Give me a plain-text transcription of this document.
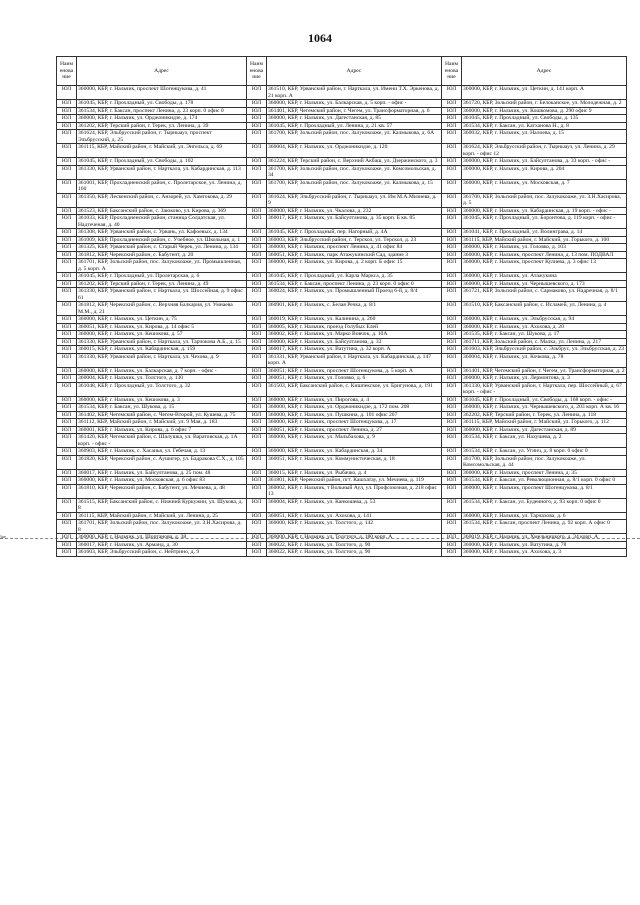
1064
✂
Наим енова ние	Адрес	Наим енова ние	Адрес	Наим енова ние	Адрес
ЮЛ	360000, КБР, г. Нальчик, проспект Шогенцукова, д. 41	ЮЛ	361510, КБР, Урванский район, г. Нарткала, ул. Имени Т.Х. Эркенова, д. 21 корп. А	ЮЛ	360000, КБР, г. Нальчик, ул. Цеткин, д. 141 корп. А
ЮЛ	361045, КБР, г. Прохладный, ул. Свободы, д. 178	ЮЛ	360000, КБР, г. Нальчик, ул. Балкарская, д. 5 корп. - офис -	ЮЛ	361720, КБР, Зольский район, г. Белоканское, ул. Молодежная, д. 2
ЮЛ	361534, КБР, г. Баксан, проспект Ленина, д. 23 корп. 0 офис 0	ЮЛ	361401, КБР, Чегемский район, г. Чегем, ул. Трансформаторная, д. 6	ЮЛ	360000, КБР, г. Нальчик, ул. Кошкомова, д. 290 офис 9
ЮЛ	360000, КБР, г. Нальчик, ул. Орджоникидзе, д. 174	ЮЛ	360000, КБР, г. Нальчик, ул. Дагестанская, д. 85	ЮЛ	361045, КБР, г. Прохладный, ул. Свободы, д. 135
ЮЛ	361202, КБР, Терский район, г. Терек, ул. Ленина, д. 39	ЮЛ	361045, КБР, г. Прохладный, ул. Ленина, д. 21 кв. 57	ЮЛ	361534, КБР, г. Баксан, ул. Катханова Н., д. 8
ЮЛ	361624, КБР, Эльбрусский район, г. Тырныауз, проспект Эльбрусский, д. 25	ЮЛ	361700, КБР, Зольский район, пос. Залукокоаже, ул. Калмыкова, д. 6А	ЮЛ	360032, КБР, г. Нальчик, ул. Налоева, д. 15
ЮЛ	361115, КБР, Майский район, г. Майский, ул. Энгельса, д. 69	ЮЛ	360004, КБР, г. Нальчик, ул. Орджоникидзе, д. 120	ЮЛ	361624, КБР, Эльбрусский район, г. Тырныауз, ул. Ленина, д. 29 корп. - офис 12
ЮЛ	361045, КБР, г. Прохладный, ул. Свободы, д. 102	ЮЛ	361224, КБР, Терский район, с. Верхний Акбаш, ул. Дзержинского, д. 3	ЮЛ	360000, КБР, г. Нальчик, ул. Байсултанова, д. 33 корп. - офис -
ЮЛ	361330, КБР, Урванский район, г. Нарткала, ул. Кабардинская, д. 113	ЮЛ	361700, КБР, Зольский район, пос. Залукокоаже, ул. Комсомольская, д. 34	ЮЛ	360000, КБР, г. Нальчик, ул. Кирова, д. 204
ЮЛ	361001, КБР, Прохладненский район, с. Пролетарское, ул. Ленина, д. 160	ЮЛ	361700, КБР, Зольский район, пос. Залукокоаже, ул. Калмыкова, д. 15	ЮЛ	360000, КБР, г. Нальчик, ул. Московская, д. 7
ЮЛ	361350, КБР, Лескенский район, с. Анзорей, ул. Хамгокова, д. 29	ЮЛ	361624, КБР, Эльбрусский район, г. Тырныауз, ул. Им М.А.Мизиева, д. 9	ЮЛ	361700, КБР, Зольский район, пос. Залукокоаже, ул. З.Н.Хасирова, д. 5
ЮЛ	361523, КБР, Баксанский район, с. Заюково, ул. Кирова, д. 369	ЮЛ	360000, КБР, г. Нальчик, ул. Чкалова, д. 232	ЮЛ	360000, КБР, г. Нальчик, ул. Кабардинская, д. 19 корп. - офис -
ЮЛ	361033, КБР, Прохладненский район, станица Солдатская, ул. Надтеченая, д. 40	ЮЛ	360017, КБР, г. Нальчик, ул. Байсултанова, д. 35 корп. Б кв. 85	ЮЛ	361045, КБР, г. Прохладный, ул. Боронтова, д. 119 корп. - офис -
ЮЛ	361308, КБР, Урванский район, с. Урвань, ул. Кафоевых, д. 134	ЮЛ	361045, КБР, г. Прохладный, пер. Нагорный, д. 4А	ЮЛ	361041, КБР, г. Прохладный, ул. Волинграва, д. 14
ЮЛ	361009, КБР, Прохладненский район, с. Учебное, ул. Школьная, д. 1	ЮЛ	360003, КБР, Эльбрусский район, г. Терскол, ул. Терскол, д. 23	ЮЛ	361115, КБР, Майский район, г. Майский, ул. Горького, д. 100
ЮЛ	361325, КБР, Урванский район, с. Старый Черек, ул. Ленина, д. 134	ЮЛ	360000, КБР, г. Нальчик, проспект Ленина, д. 41 офис 84	ЮЛ	360000, КБР, г. Нальчик, ул. Головко, д. 103
ЮЛ	361812, КБР, Черекский район, с. Бабугент, д. 20	ЮЛ	360051, КБР, г. Нальчик, парк Атажукинский Сад, здание 3	ЮЛ	360000, КБР, г. Нальчик, проспект Ленина, д. 13 пом. ПОДВАЛ
ЮЛ	361701, КБР, Зольский район, пос. Залукокоаже, ул. Промышленная, д. 5 корп. А	ЮЛ	360000, КБР, г. Нальчик, ул. Кирова, д. 2 корп. Б офис 15	ЮЛ	360000, КБР, г. Нальчик, проспект Кулиева, д. 3 офис 13
ЮЛ	361045, КБР, г. Прохладный, ул. Пролетарская, д. 6	ЮЛ	361045, КБР, г. Прохладный, ул. Карла Маркса, д. 35	ЮЛ	360000, КБР, г. Нальчик, ул. Атажукина
ЮЛ	361202, КБР, Терский район, г. Терек, ул. Ленина, д. 49	ЮЛ	361534, КБР, г. Баксан, проспект Ленина, д. 23 корп. 0 офис 0	ЮЛ	360000, КБР, г. Нальчик, ул. Чернышевского, д. 173
ЮЛ	361330, КБР, Урванский район, г. Нарткала, ул. Шоссейная, д. 9 офис 61	ЮЛ	360024, КБР, г. Нальчик, ул. Промышленный Проезд 6-й, д. 8/4	ЮЛ	361721, КБР, Зольский район, с. Сармаково, ул. Надречная, д. 8/1
ЮЛ	361812, КБР, Черекский район, с. Верхняя Балкария, ул. Умнаева М.М., д. 21	ЮЛ	360901, КБР, г. Нальчик, с. Белая Речка, д. 8/1	ЮЛ	361510, КБР, Баксанский район, с. Исламей, ул. Ленина, д. 4
ЮЛ	360000, КБР, г. Нальчик, ул. Цеткин, д. 75	ЮЛ	360019, КБР, г. Нальчик, ул. Калинина, д. 260	ЮЛ	360000, КБР, г. Нальчик, ул. Эльбрусская, д. 94
ЮЛ	360051, КБР, г. Нальчик, ул. Кирова, д. 14 офис 5	ЮЛ	360005, КБР, г. Нальчик, проезд Голубых Елей	ЮЛ	360000, КБР, г. Нальчик, ул. Ахохова, д. 20
ЮЛ	360000, КБР, г. Нальчик, ул. Кешокова, д. 57	ЮЛ	360002, КБР, г. Нальчик, ул. Марко Вовчок, д. 10А	ЮЛ	361535, КБР, г. Баксан, ул. Шукова, д. 17
ЮЛ	361330, КБР, Урванский район, г. Нарткала, ул. Тарчокова А.Б., д. 15	ЮЛ	360000, КБР, г. Нальчик, ул. Байсултанова, д. 33	ЮЛ	361711, КБР, Зольский район, с. Малка, ул. Ленина, д. 217
ЮЛ	360015, КБР, г. Нальчик, ул. Кабардинская, д. 159	ЮЛ	360017, КБР, г. Нальчик, ул. Ватутина, д. 32 корп. А	ЮЛ	361603, КБР, Эльбрусский район, с. Эльбрус, ул. Эльбрусская, д. 23
ЮЛ	361330, КБР, Урванский район, г. Нарткала, ул. Чехова, д. 9	ЮЛ	361331, КБР, Урванский район, г. Нарткала, ул. Кабардинская, д. 147 корп. А	ЮЛ	360004, КБР, г. Нальчик, ул. Кочкова, д. 78
ЮЛ	360000, КБР, г. Нальчик, ул. Балкарская, д. 7 корп. - офис -	ЮЛ	360051, КБР, г. Нальчик, проспект Шогенцукова, д. 5 корп. А	ЮЛ	361401, КБР, Чегемский район, г. Чегем, ул. Трансформаторная, д. 2
ЮЛ	360004, КБР, г. Нальчик, ул. Толстого, д. 130	ЮЛ	360051, КБР, г. Нальчик, ул. Головко, д. 6	ЮЛ	360000, КБР, г. Нальчик, ул. Лермонтова, д. 3
ЮЛ	361048, КБР, г. Прохладный, ул. Толстого, д. 32	ЮЛ	361503, КБР, Баксанский район, с. Кишпекское, ул. Бригунова, д. 191	ЮЛ	361330, КБР, Урванский район, г. Нарткала, пер. Шоссейный, д. 67 корп. - офис -
ЮЛ	360000, КБР, г. Нальчик, ул. Кешокова, д. 3	ЮЛ	360000, КБР, г. Нальчик, ул. Пирогова, д. 4	ЮЛ	361045, КБР, г. Прохладный, ул. Свободы, д. 168 корп. - офис -
ЮЛ	361534, КБР, г. Баксан, ул. Шукова, д. 15	ЮЛ	360000, КБР, г. Нальчик, ул. Орджоникидзе, д. 172 пом. 208	ЮЛ	360000, КБР, г. Нальчик, ул. Чернышевского, д. 203 корп. А кв. 16
ЮЛ	361402, КБР, Чегемский район, с. Чегем-Второй, ул. Кушева, д. 75	ЮЛ	360000, КБР, г. Нальчик, ул. Пушкина, д. 101 офис 207	ЮЛ	362202, КБР, Терский район, г. Терек, ул. Ленина, д. 118
ЮЛ	361112, КБР, Майский район, г. Майский, ул. 9 Мая, д. 183	ЮЛ	360000, КБР, г. Нальчик, проспект Шогенцукова, д. 17	ЮЛ	361115, КБР, Майский район, г. Майский, ул. Горького, д. 112
ЮЛ	360001, КБР, г. Нальчик, ул. Кирова, д. 6 офис 7	ЮЛ	360051, КБР, г. Нальчик, проспект Ленина, д. 27	ЮЛ	360000, КБР, г. Нальчик, ул. Дагестанская, д. 89
ЮЛ	361420, КБР, Чегемский район, с. Шалушка, ул. Варатовская, д. 1А корп. - офис -	ЮЛ	360000, КБР, г. Нальчик, ул. Мальбахова, д. 9	ЮЛ	361534, КБР, г. Баксан, ул. Нахушева, д. 2
ЮЛ	360903, КБР, г. Нальчик, с. Хасанья, ул. Гебечая, д. 13	ЮЛ	360000, КБР, г. Нальчик, ул. Кабардинская, д. 34	ЮЛ	361534, КБР, г. Баксан, ул. Угнич, д. 8 корп. 0 офис 0
ЮЛ	361820, КБР, Черекский район, с. Аушигер, ул. Бадракова С.Х., д. 105	ЮЛ	360051, КБР, г. Нальчик, ул. Коммунистическая, д. 18	ЮЛ	361700, КБР, Зольский район, пос. Залукокоаже, ул. Комсомольская, д. 44
ЮЛ	360017, КБР, г. Нальчик, ул. Байсултанова, д. 25 пом. 48	ЮЛ	360015, КБР, г. Нальчик, ул. Рыбачко, д. 4	ЮЛ	360000, КБР, г. Нальчик, проспект Ленина, д. 35
ЮЛ	360000, КБР, г. Нальчик, ул. Московская, д. 6 офис 83	ЮЛ	361801, КБР, Черекский район, пгт. Кашхатау, ул. Мечиева, д. 119	ЮЛ	361534, КБР, г. Баксан, ул. Революционная, д. 8/1 корп. 0 офис 0
ЮЛ	361810, КБР, Черекский район, с. Бабугент, ул. Мечиева, д. 48	ЮЛ	360002, КБР, г. Нальчик, т Вольный Аул, ул. Профсоюзная, д. 218 офис 13	ЮЛ	360000, КБР, г. Нальчик, проспект Шогенцукова, д. 8/1
ЮЛ	361515, КБР, Баксанский район, с. Нижний Куркужин, ул. Шукова, д. 8	ЮЛ	360004, КБР, г. Нальчик, ул. Канкошева, д. 53	ЮЛ	361534, КБР, г. Баксан, ул. Буденного, д. 93 корп. 0 офис 0
ЮЛ	361115, КБР, Майский район, г. Майский, ул. Ленина, д. 25	ЮЛ	360051, КБР, г. Нальчик, ул. Ахохова, д. 141	ЮЛ	360000, КБР, г. Нальчик, ул. Тарчахова, д. 6
ЮЛ	361701, КБР, Зольский район, пос. Залукокоаже, ул. З.Н.Хасирова, д. 8	ЮЛ	360000, КБР, г. Нальчик, ул. Толстого, д. 142	ЮЛ	361534, КБР, г. Баксан, проспект Ленина, д. 92 корп. А офис 0
ЮЛ	360000, КБР, г. Нальчик, ул. Шортанова, д. 38	ЮЛ	360000, КБР, г. Нальчик, ул. Толстого, д. 180 корп. А	ЮЛ	360019, КБР, г. Нальчик, ул. Хмельницкого, д. 34 корп. А
ЮЛ	360017, КБР, г. Нальчик, ул. Арманд, д. 30	ЮЛ	360022, КБР, г. Нальчик, ул. Толстого, д. 90	ЮЛ	360000, КБР, г. Нальчик, ул. Ватутина, д. 78
ЮЛ	361603, КБР, Эльбрусский район, с. Нейтрино, д. 9	ЮЛ	360022, КБР, г. Нальчик, ул. Толстого, д. 90	ЮЛ	360000, КБР, г. Нальчик, ул. Ахохова, д. 3
